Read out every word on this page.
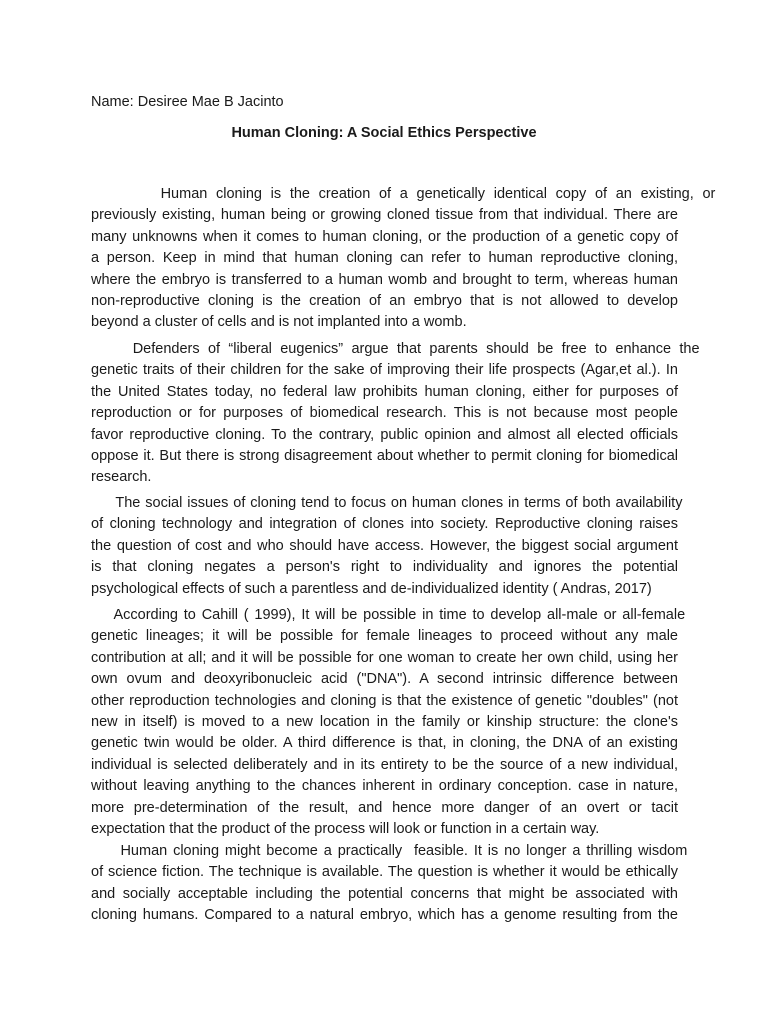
Name: Desiree Mae B Jacinto
Human Cloning: A Social Ethics Perspective
Human cloning is the creation of a genetically identical copy of an existing, or
previously existing, human being or growing cloned tissue from that individual. There are
many unknowns when it comes to human cloning, or the production of a genetic copy of
a person. Keep in mind that human cloning can refer to human reproductive cloning,
where the embryo is transferred to a human womb and brought to term, whereas human
non-reproductive cloning is the creation of an embryo that is not allowed to develop
beyond a cluster of cells and is not implanted into a womb.
Defenders of “liberal eugenics” argue that parents should be free to enhance the
genetic traits of their children for the sake of improving their life prospects (Agar,et al.). In
the United States today, no federal law prohibits human cloning, either for purposes of
reproduction or for purposes of biomedical research. This is not because most people
favor reproductive cloning. To the contrary, public opinion and almost all elected officials
oppose it. But there is strong disagreement about whether to permit cloning for biomedical
research.
The social issues of cloning tend to focus on human clones in terms of both availability
of cloning technology and integration of clones into society. Reproductive cloning raises
the question of cost and who should have access. However, the biggest social argument
is that cloning negates a person's right to individuality and ignores the potential
psychological effects of such a parentless and de-individualized identity ( Andras, 2017)
According to Cahill ( 1999), It will be possible in time to develop all-male or all-female
genetic lineages; it will be possible for female lineages to proceed without any male
contribution at all; and it will be possible for one woman to create her own child, using her
own ovum and deoxyribonucleic acid ("DNA"). A second intrinsic difference between
other reproduction technologies and cloning is that the existence of genetic "doubles" (not
new in itself) is moved to a new location in the family or kinship structure: the clone's
genetic twin would be older. A third difference is that, in cloning, the DNA of an existing
individual is selected deliberately and in its entirety to be the source of a new individual,
without leaving anything to the chances inherent in ordinary conception. case in nature,
more pre-determination of the result, and hence more danger of an overt or tacit
expectation that the product of the process will look or function in a certain way.
Human cloning might become a practically  feasible. It is no longer a thrilling wisdom
of science fiction. The technique is available. The question is whether it would be ethically
and socially acceptable including the potential concerns that might be associated with
cloning humans. Compared to a natural embryo, which has a genome resulting from the
